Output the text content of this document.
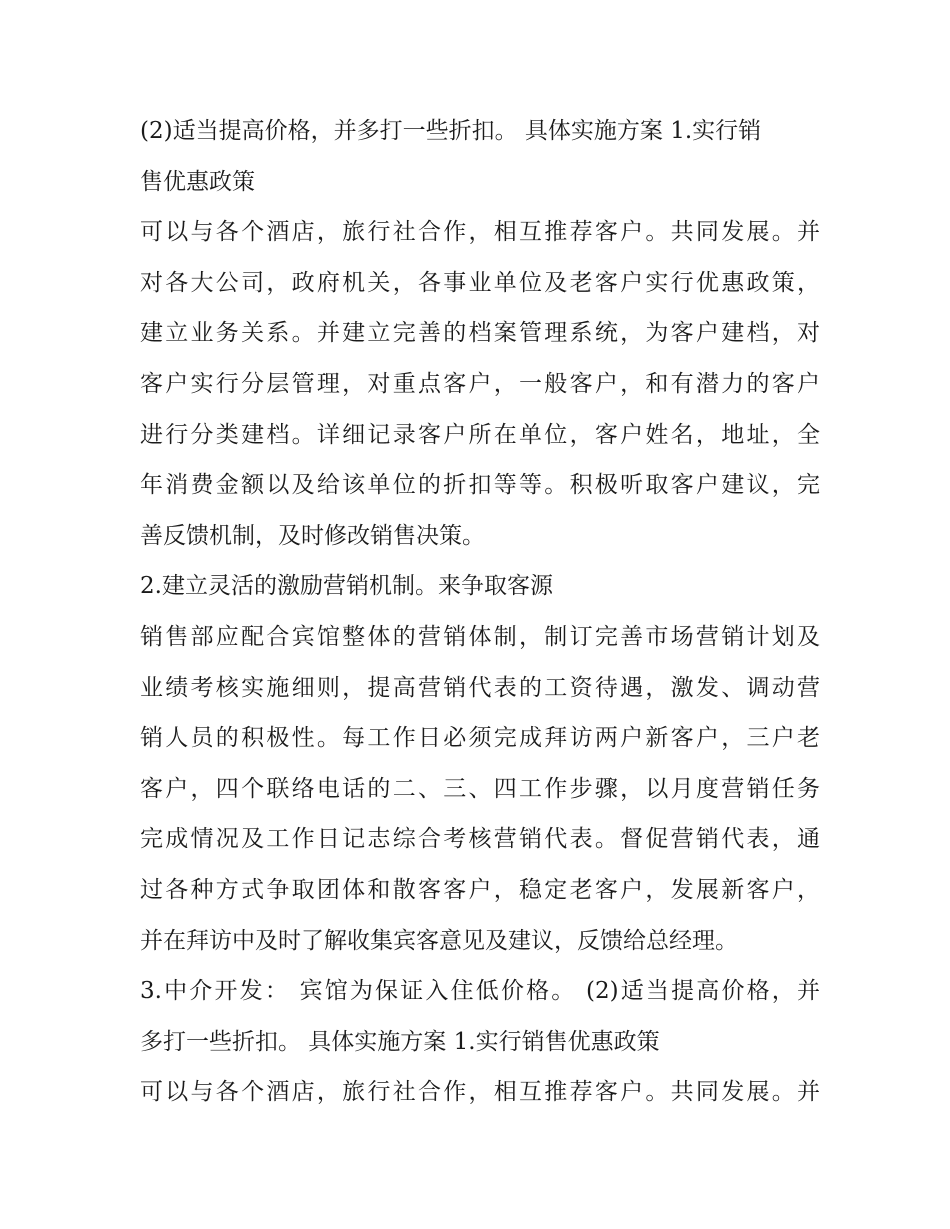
(2)适当提高价格，并多打一些折扣。 具体实施方案 1.实行销
售优惠政策
可以与各个酒店，旅行社合作，相互推荐客户。共同发展。并
对各大公司，政府机关，各事业单位及老客户实行优惠政策，
建立业务关系。并建立完善的档案管理系统，为客户建档，对
客户实行分层管理，对重点客户，一般客户，和有潜力的客户
进行分类建档。详细记录客户所在单位，客户姓名，地址，全
年消费金额以及给该单位的折扣等等。积极听取客户建议，完
善反馈机制，及时修改销售决策。
2.建立灵活的激励营销机制。来争取客源
销售部应配合宾馆整体的营销体制，制订完善市场营销计划及
业绩考核实施细则，提高营销代表的工资待遇，激发、调动营
销人员的积极性。每工作日必须完成拜访两户新客户，三户老
客户，四个联络电话的二、三、四工作步骤，以月度营销任务
完成情况及工作日记志综合考核营销代表。督促营销代表，通
过各种方式争取团体和散客客户，稳定老客户，发展新客户，
并在拜访中及时了解收集宾客意见及建议，反馈给总经理。
3.中介开发： 宾馆为保证入住低价格。 (2)适当提高价格，并
多打一些折扣。 具体实施方案 1.实行销售优惠政策
可以与各个酒店，旅行社合作，相互推荐客户。共同发展。并
